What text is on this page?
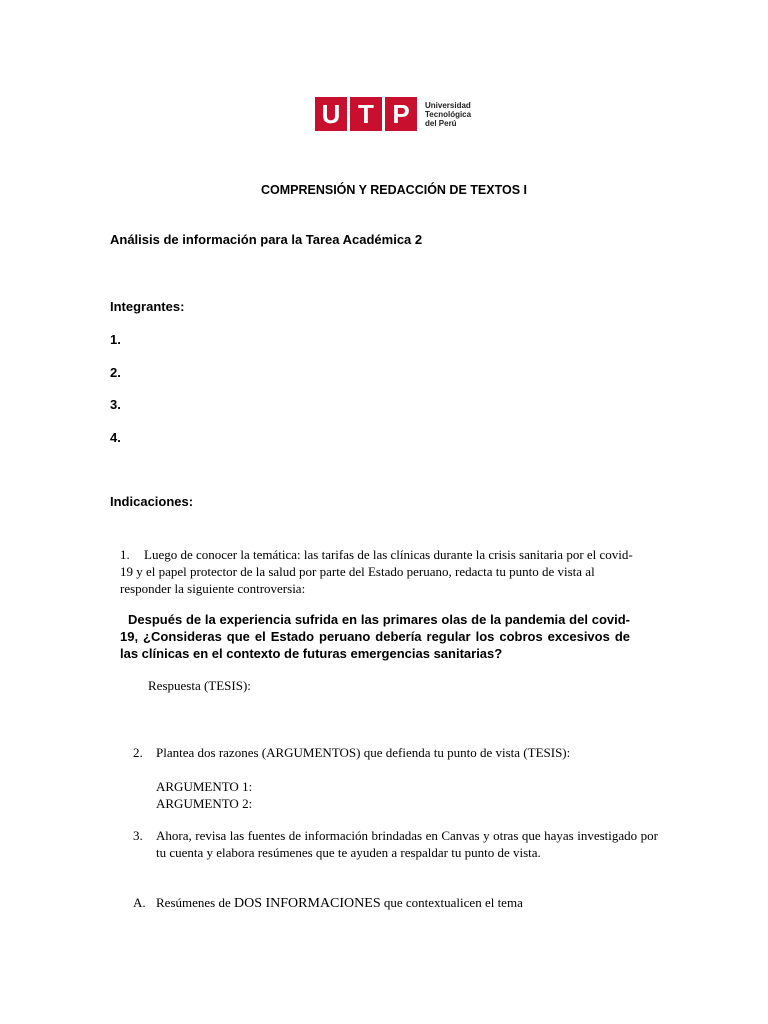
U T P	Universidad
Tecnológica
del Perú
COMPRENSIÓN Y REDACCIÓN DE TEXTOS I
Análisis de información para la Tarea Académica 2
Integrantes:
1.
2.
3.
4.
Indicaciones:
1.	Luego de conocer la temática: las tarifas de las clínicas durante la crisis sanitaria por el covid-19 y el papel protector de la salud por parte del Estado peruano, redacta tu punto de vista al responder la siguiente controversia:
Después de la experiencia sufrida en las primares olas de la pandemia del covid-19, ¿Consideras que el Estado peruano debería regular los cobros excesivos de las clínicas en el contexto de futuras emergencias sanitarias?
Respuesta (TESIS):
2. Plantea dos razones (ARGUMENTOS) que defienda tu punto de vista (TESIS):
ARGUMENTO 1:
ARGUMENTO 2:
3. Ahora, revisa las fuentes de información brindadas en Canvas y otras que hayas investigado por tu cuenta y elabora resúmenes que te ayuden a respaldar tu punto de vista.
A. Resúmenes de DOS INFORMACIONES que contextualicen el tema
